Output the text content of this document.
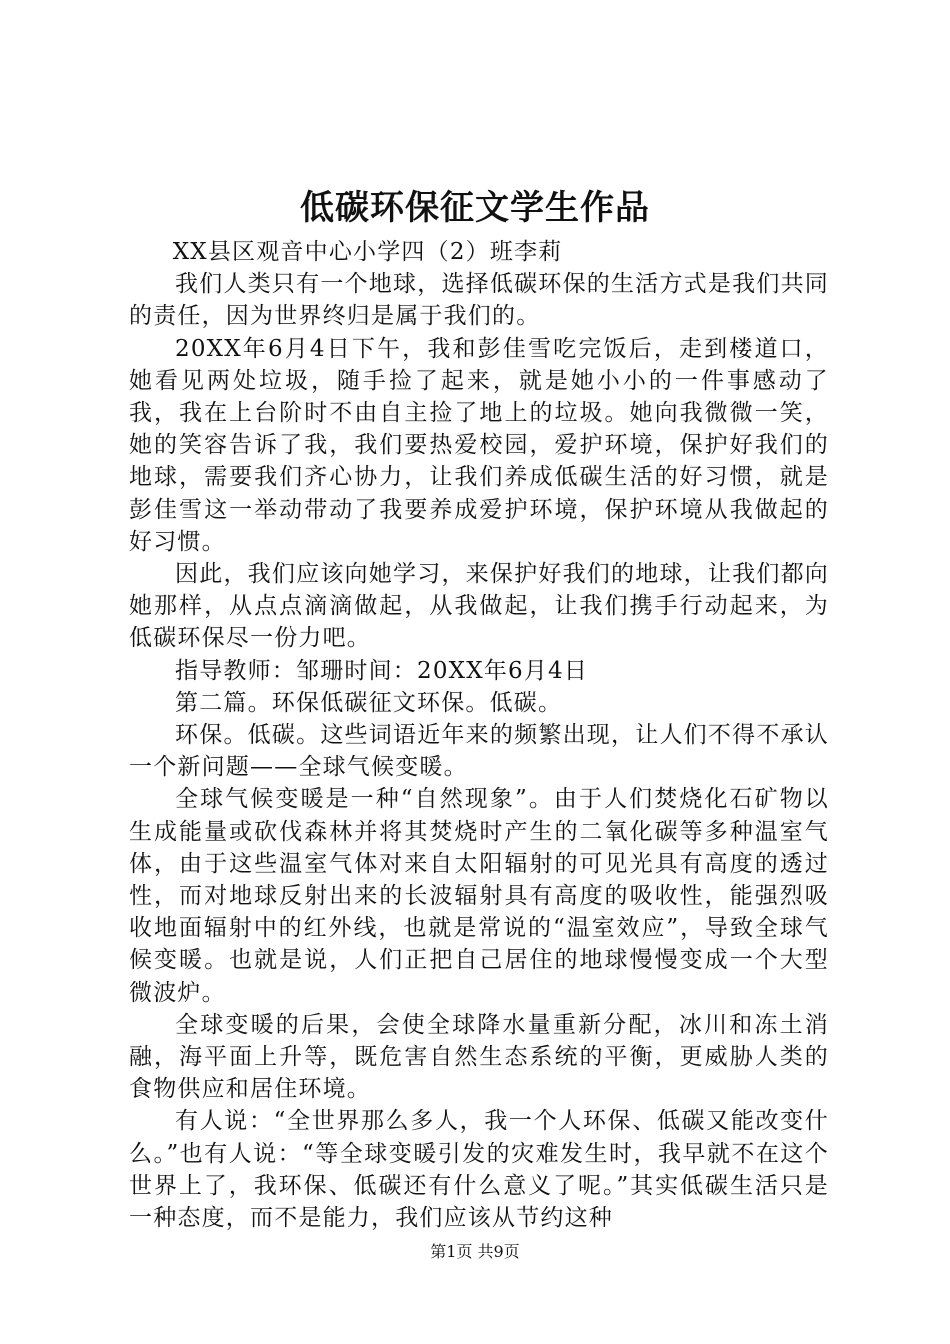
低碳环保征文学生作品

XX县区观音中心小学四（2）班李莉

我们人类只有一个地球，选择低碳环保的生活方式是我们共同的责任，因为世界终归是属于我们的。

20XX年6月4日下午，我和彭佳雪吃完饭后，走到楼道口，她看见两处垃圾，随手捡了起来，就是她小小的一件事感动了我，我在上台阶时不由自主捡了地上的垃圾。她向我微微一笑，她的笑容告诉了我，我们要热爱校园，爱护环境，保护好我们的地球，需要我们齐心协力，让我们养成低碳生活的好习惯，就是彭佳雪这一举动带动了我要养成爱护环境，保护环境从我做起的好习惯。

因此，我们应该向她学习，来保护好我们的地球，让我们都向她那样，从点点滴滴做起，从我做起，让我们携手行动起来，为低碳环保尽一份力吧。

指导教师：邹珊时间：20XX年6月4日

第二篇。环保低碳征文环保。低碳。

环保。低碳。这些词语近年来的频繁出现，让人们不得不承认一个新问题——全球气候变暖。

全球气候变暖是一种“自然现象”。由于人们焚烧化石矿物以生成能量或砍伐森林并将其焚烧时产生的二氧化碳等多种温室气体，由于这些温室气体对来自太阳辐射的可见光具有高度的透过性，而对地球反射出来的长波辐射具有高度的吸收性，能强烈吸收地面辐射中的红外线，也就是常说的“温室效应”，导致全球气候变暖。也就是说，人们正把自己居住的地球慢慢变成一个大型微波炉。

全球变暖的后果，会使全球降水量重新分配，冰川和冻土消融，海平面上升等，既危害自然生态系统的平衡，更威胁人类的食物供应和居住环境。

有人说：“全世界那么多人，我一个人环保、低碳又能改变什么。”也有人说：“等全球变暖引发的灾难发生时，我早就不在这个世界上了，我环保、低碳还有什么意义了呢。”其实低碳生活只是一种态度，而不是能力，我们应该从节约这种

第1页 共9页
